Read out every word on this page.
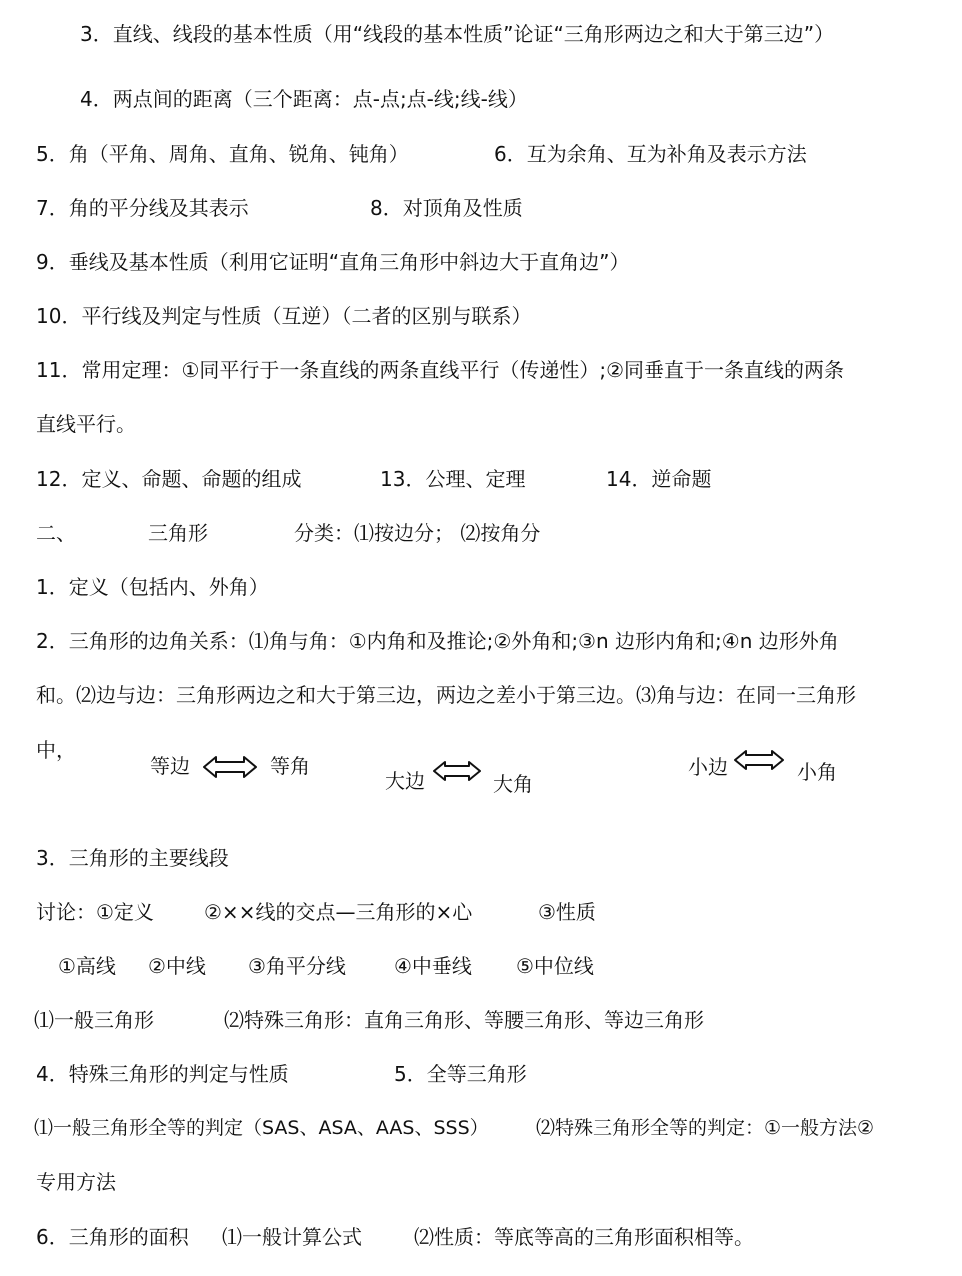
3．直线、线段的基本性质（用“线段的基本性质”论证“三角形两边之和大于第三边”）
4．两点间的距离（三个距离：点-点;点-线;线-线）
5．角（平角、周角、直角、锐角、钝角）	6．互为余角、互为补角及表示方法
7．角的平分线及其表示	8．对顶角及性质
9．垂线及基本性质（利用它证明“直角三角形中斜边大于直角边”）
10．平行线及判定与性质（互逆）（二者的区别与联系）
11．常用定理：①同平行于一条直线的两条直线平行（传递性）;②同垂直于一条直线的两条
直线平行。
12．定义、命题、命题的组成	13．公理、定理	14．逆命题
二、	三角形	分类：⑴按边分； ⑵按角分
1．定义（包括内、外角）
2．三角形的边角关系：⑴角与角：①内角和及推论;②外角和;③n 边形内角和;④n 边形外角
和。⑵边与边：三角形两边之和大于第三边，两边之差小于第三边。⑶角与边：在同一三角形
中，
等边	等角
大边	大角
小边	小角
3．三角形的主要线段
讨论：①定义	②××线的交点—三角形的×心	③性质
①高线 ②中线 ③角平分线 ④中垂线 ⑤中位线
⑴一般三角形	⑵特殊三角形：直角三角形、等腰三角形、等边三角形
4．特殊三角形的判定与性质	5．全等三角形
⑴一般三角形全等的判定（SAS、ASA、AAS、SSS） ⑵特殊三角形全等的判定：①一般方法②
专用方法
6．三角形的面积 ⑴一般计算公式	⑵性质：等底等高的三角形面积相等。
